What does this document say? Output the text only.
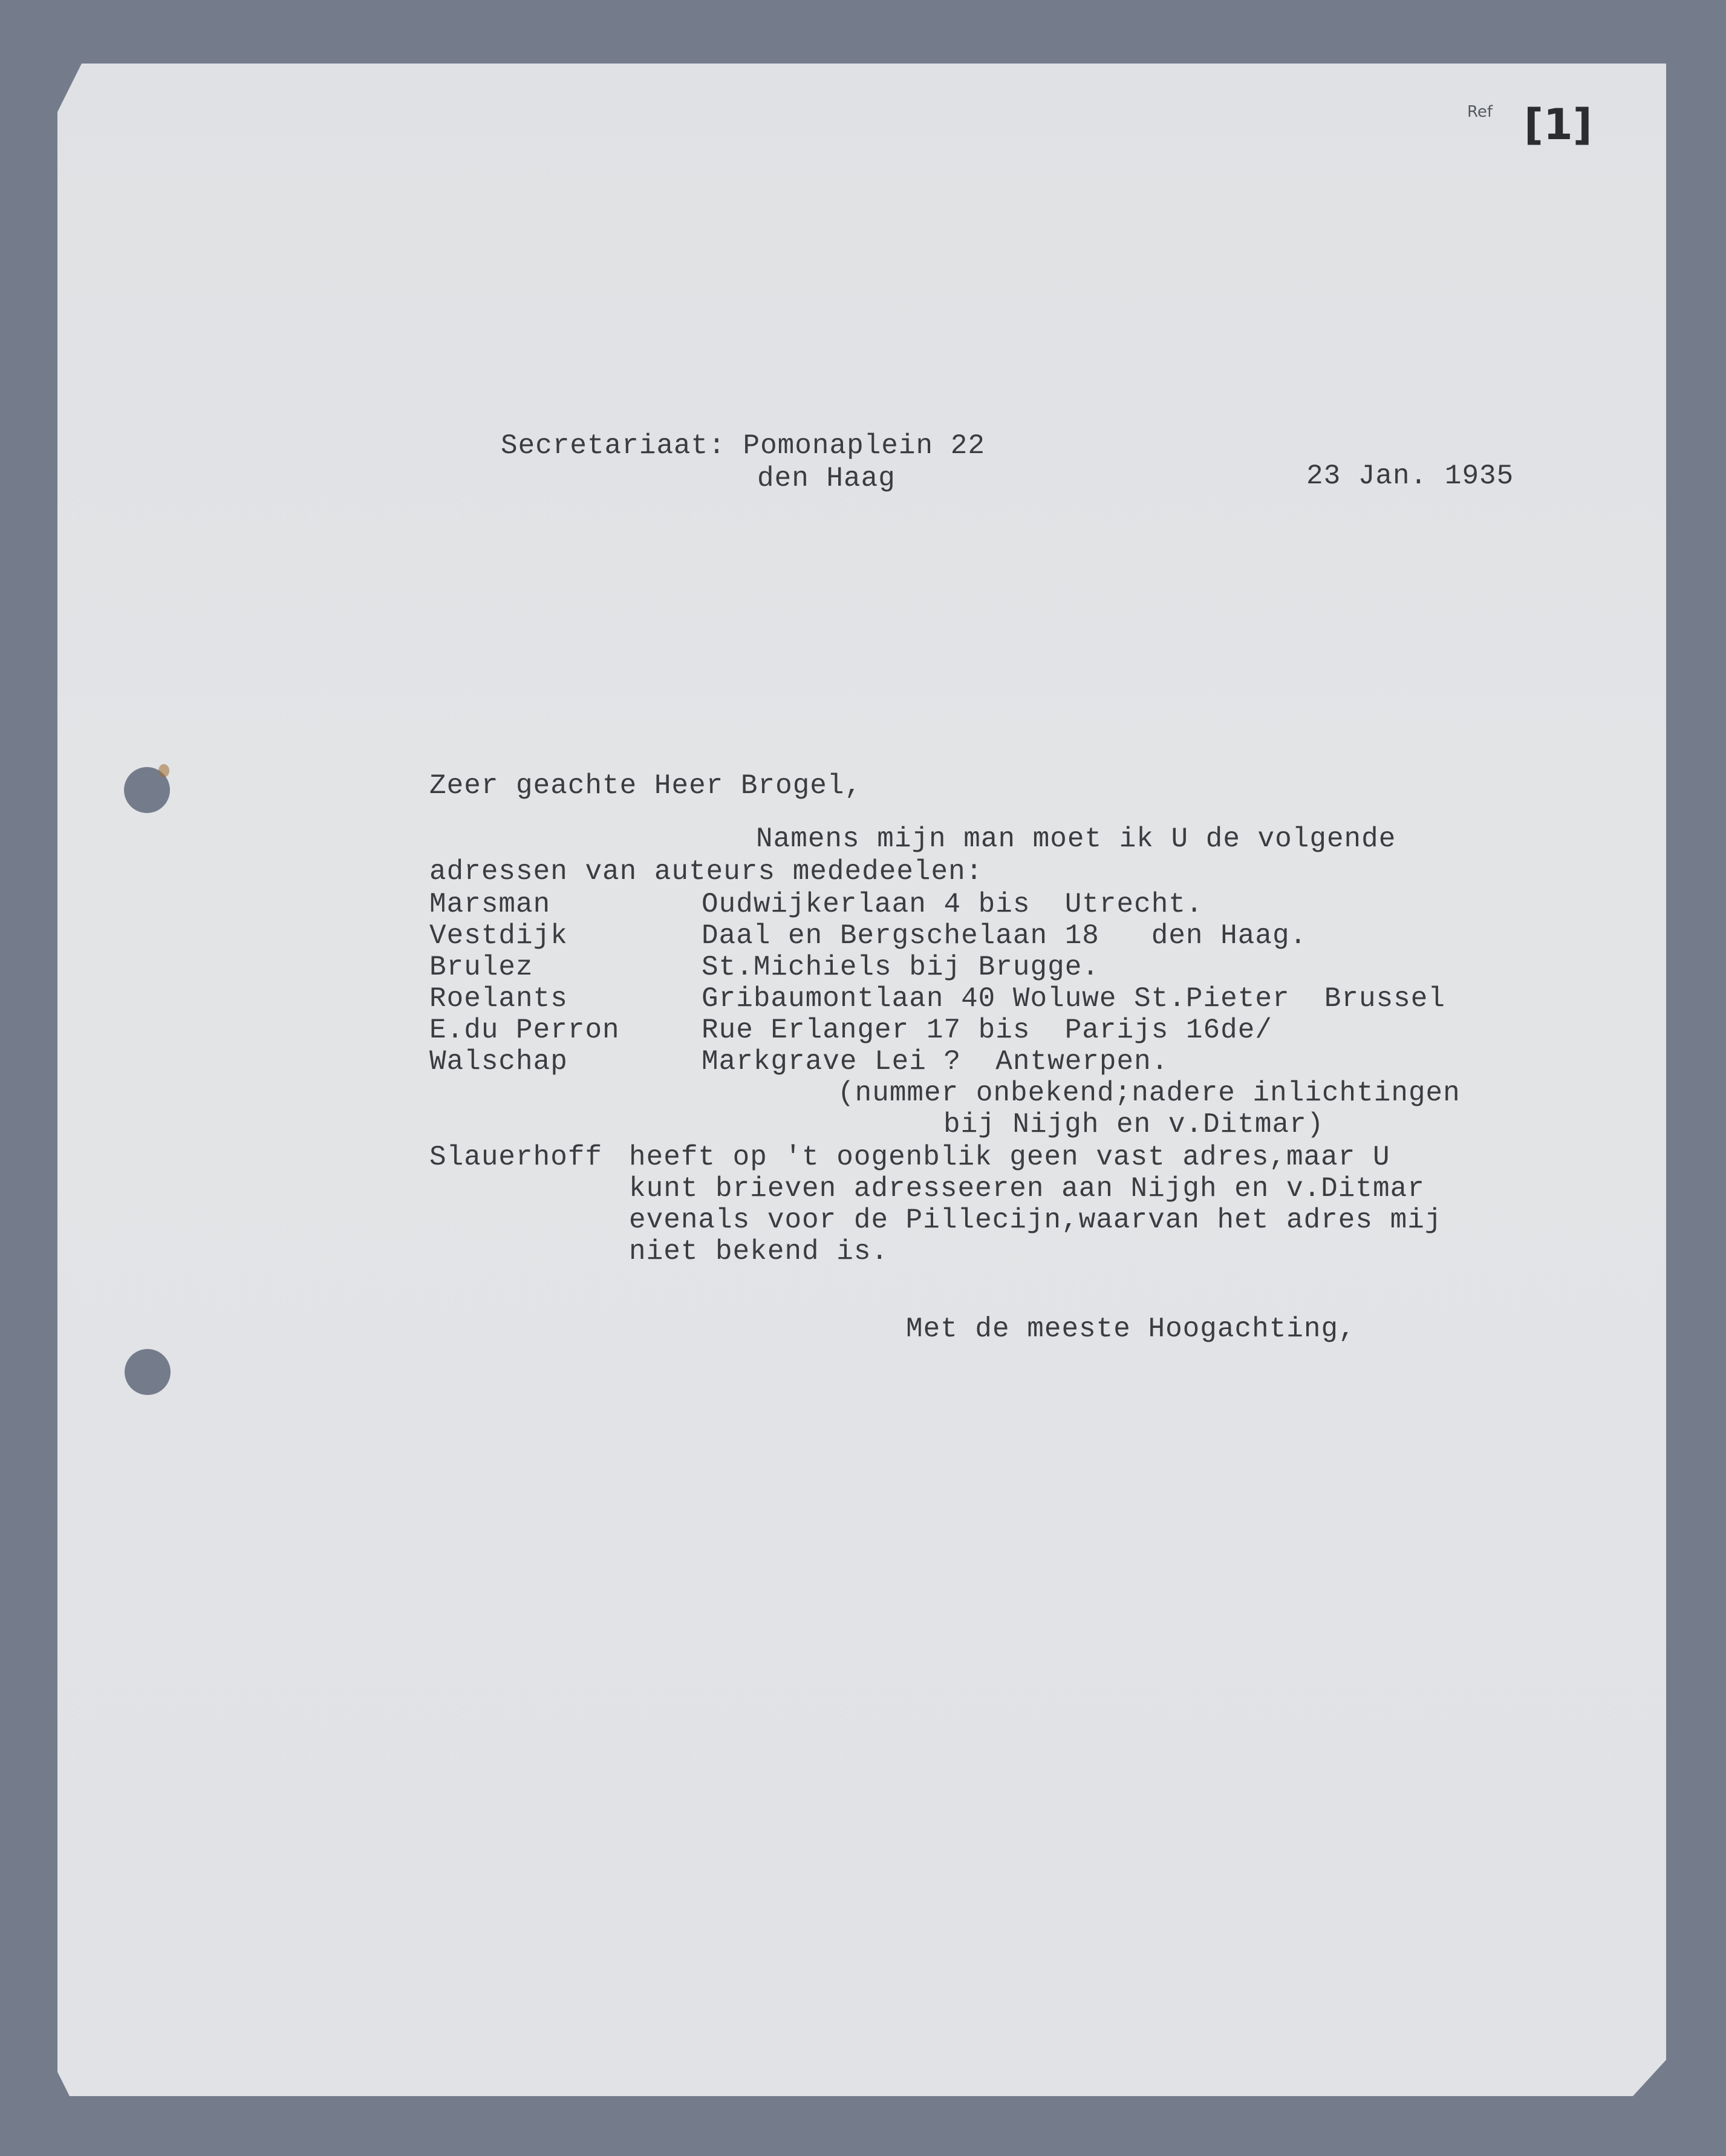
Ref [1]
Secretariaat: Pomonaplein 22
den Haag	23 Jan. 1935
Zeer geachte Heer Brogel,
Namens mijn man moet ik U de volgende
adressen van auteurs mededeelen:
Marsman	Oudwijkerlaan 4 bis  Utrecht.
Vestdijk	Daal en Bergschelaan 18   den Haag.
Brulez	St.Michiels bij Brugge.
Roelants	Gribaumontlaan 40 Woluwe St.Pieter  Brussel
E.du Perron	Rue Erlanger 17 bis  Parijs 16de/
Walschap	Markgrave Lei ?  Antwerpen.
(nummer onbekend;nadere inlichtingen
bij Nijgh en v.Ditmar)
Slauerhoff heeft op 't oogenblik geen vast adres,maar U
kunt brieven adresseeren aan Nijgh en v.Ditmar
evenals voor de Pillecijn,waarvan het adres mij
niet bekend is.
Met de meeste Hoogachting,
